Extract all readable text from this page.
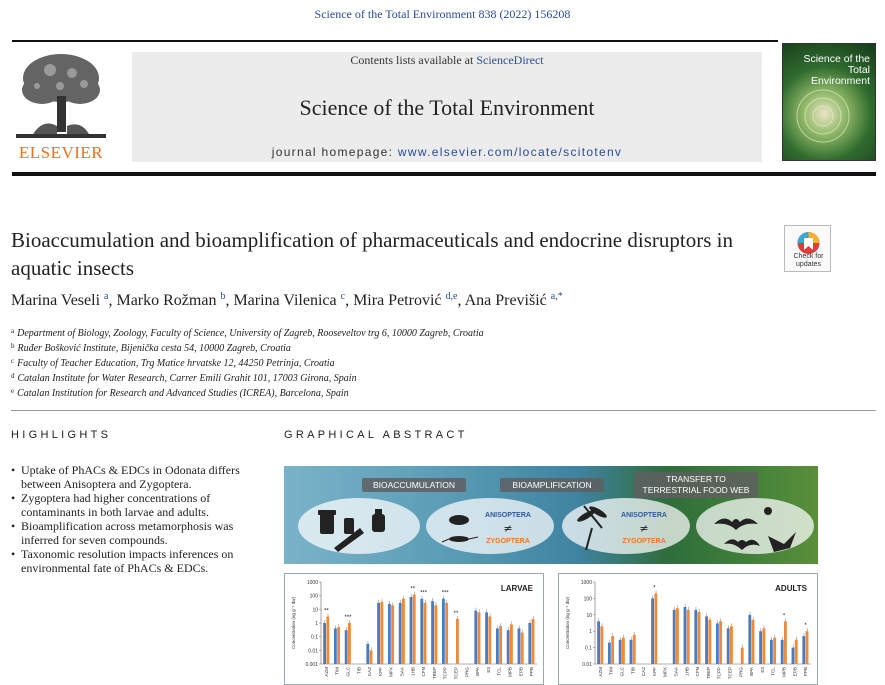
Science of the Total Environment 838 (2022) 156208
ELSEVIER
Contents lists available at ScienceDirect
Science of the Total Environment
journal homepage: www.elsevier.com/locate/scitotenv
Science of the
Total Environment
Bioaccumulation and bioamplification of pharmaceuticals and endocrine disruptors in aquatic insects	Check for
updates
Marina Veseli $^a$, Marko Rožman $^b$, Marina Vilenica $^c$, Mira Petrović $^{d,e}$, Ana Previšić $^{a,*}$
$^a$ Department of Biology, Zoology, Faculty of Science, University of Zagreb, Rooseveltov trg 6, 10000 Zagreb, Croatia
$^b$ Ruđer Bošković Institute, Bijenička cesta 54, 10000 Zagreb, Croatia
$^c$ Faculty of Teacher Education, Trg Matice hrvatske 12, 44250 Petrinja, Croatia
$^d$ Catalan Institute for Water Research, Carrer Emili Grahit 101, 17003 Girona, Spain
$^e$ Catalan Institution for Research and Advanced Studies (ICREA), Barcelona, Spain
HIGHLIGHTS	GRAPHICAL ABSTRACT
• Uptake of PhACs & EDCs in Odonata differs between Anisoptera and Zygoptera.
• Zygoptera had higher concentrations of contaminants in both larvae and adults.
• Bioamplification across metamorphosis was inferred for seven compounds.
• Taxonomic resolution impacts inferences on environmental fate of PhACs & EDCs.
BIOACCUMULATION	BIOAMPLIFICATION
TRANSFER TO
TERRESTRIAL FOOD WEB
ANISOPTERA
≠
ZYGOPTERA
ANISOPTERA
≠
ZYGOPTERA
LARVAE
Concentration (ng g⁻¹ dw)
1000
100
10
1
0.1
0.01
0.001
AZM TIM GLC TIB CAZ KPF MPX SAA 1HB CFN TBEP TCPP TCEP PRG BPA E3 TCL MPB EPB PPB
**
***
**
*** ***
**
ADULTS
Concentration (ng g⁻¹ dw)
1000
100
10
1
0.1
0.01
AZM TIM GLC TIB CAZ KPF MPX SAA 1HB CFN TBEP TCPP TCEP PRG BPA E3 TCL MPB EPB PPB
*
*
*
